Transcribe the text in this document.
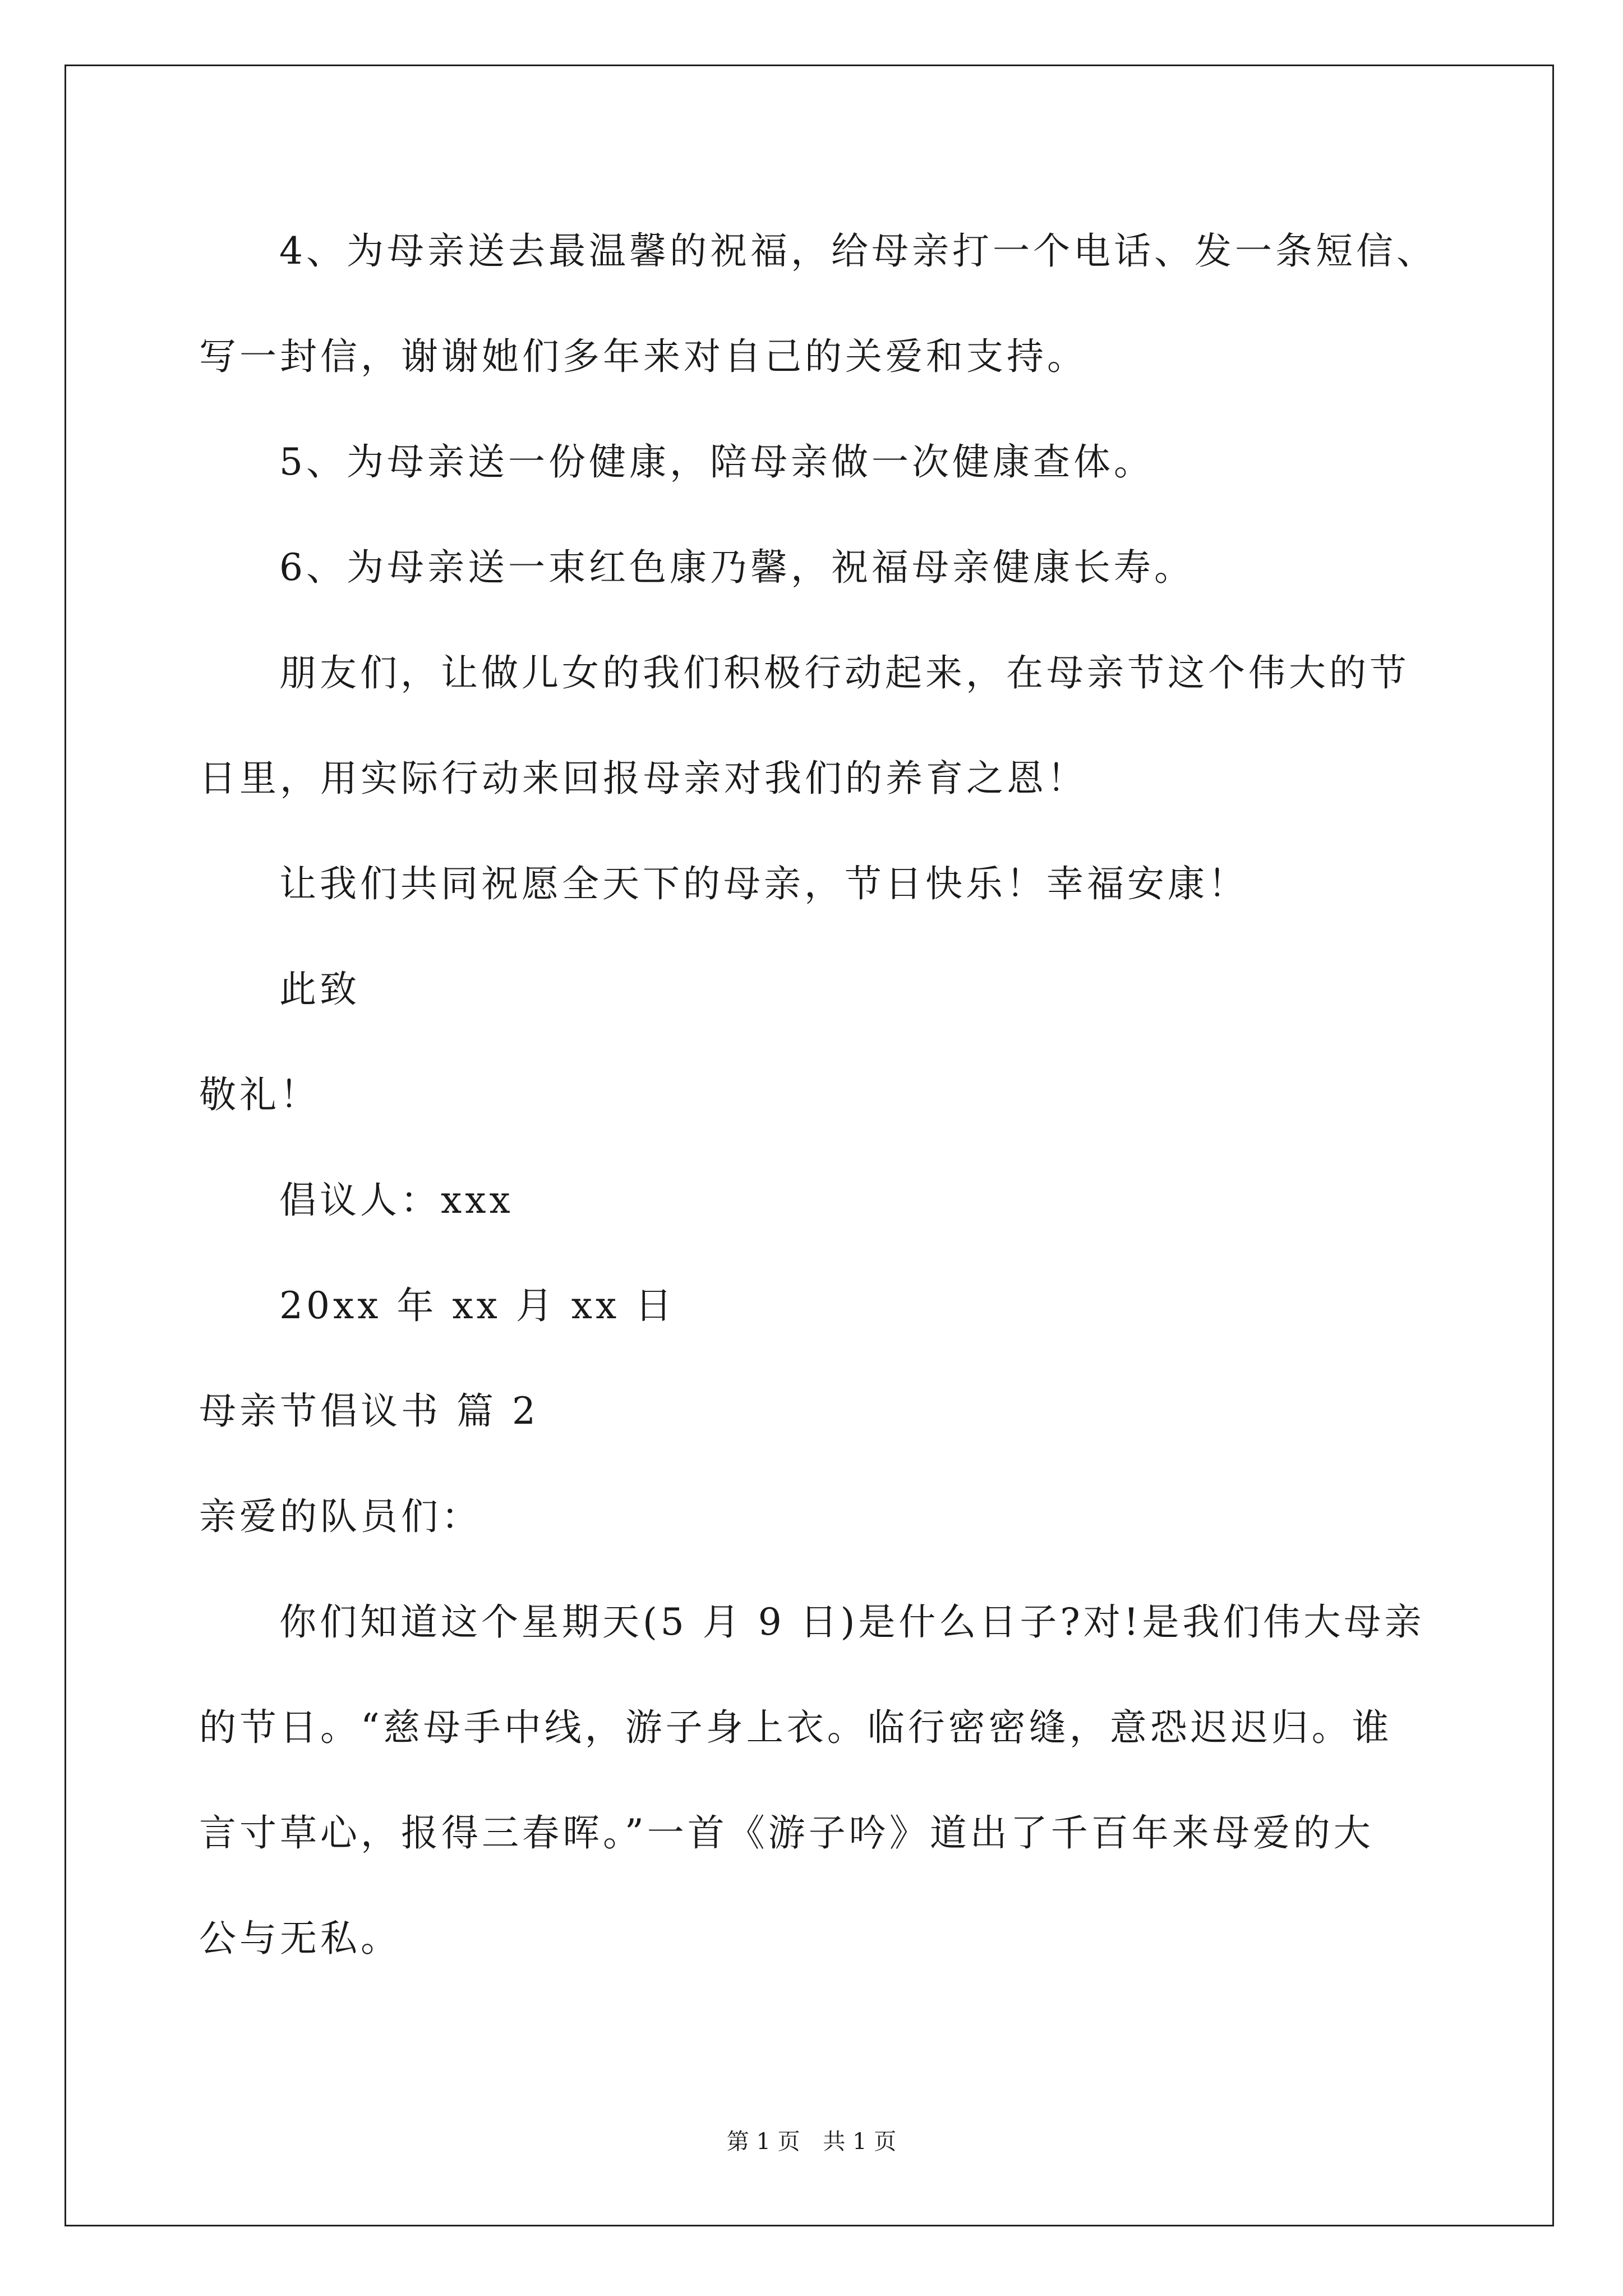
4、为母亲送去最温馨的祝福，给母亲打一个电话、发一条短信、
写一封信，谢谢她们多年来对自己的关爱和支持。
5、为母亲送一份健康，陪母亲做一次健康查体。
6、为母亲送一束红色康乃馨，祝福母亲健康长寿。
朋友们，让做儿女的我们积极行动起来，在母亲节这个伟大的节
日里，用实际行动来回报母亲对我们的养育之恩！
让我们共同祝愿全天下的母亲，节日快乐！幸福安康！
此致
敬礼！
倡议人：xxx
20xx 年 xx 月 xx 日
母亲节倡议书 篇 2
亲爱的队员们：
你们知道这个星期天(5 月 9 日)是什么日子?对!是我们伟大母亲
的节日。“慈母手中线，游子身上衣。临行密密缝，意恐迟迟归。谁
言寸草心，报得三春晖。”一首《游子吟》道出了千百年来母爱的大
公与无私。
第 1 页 共 1 页
